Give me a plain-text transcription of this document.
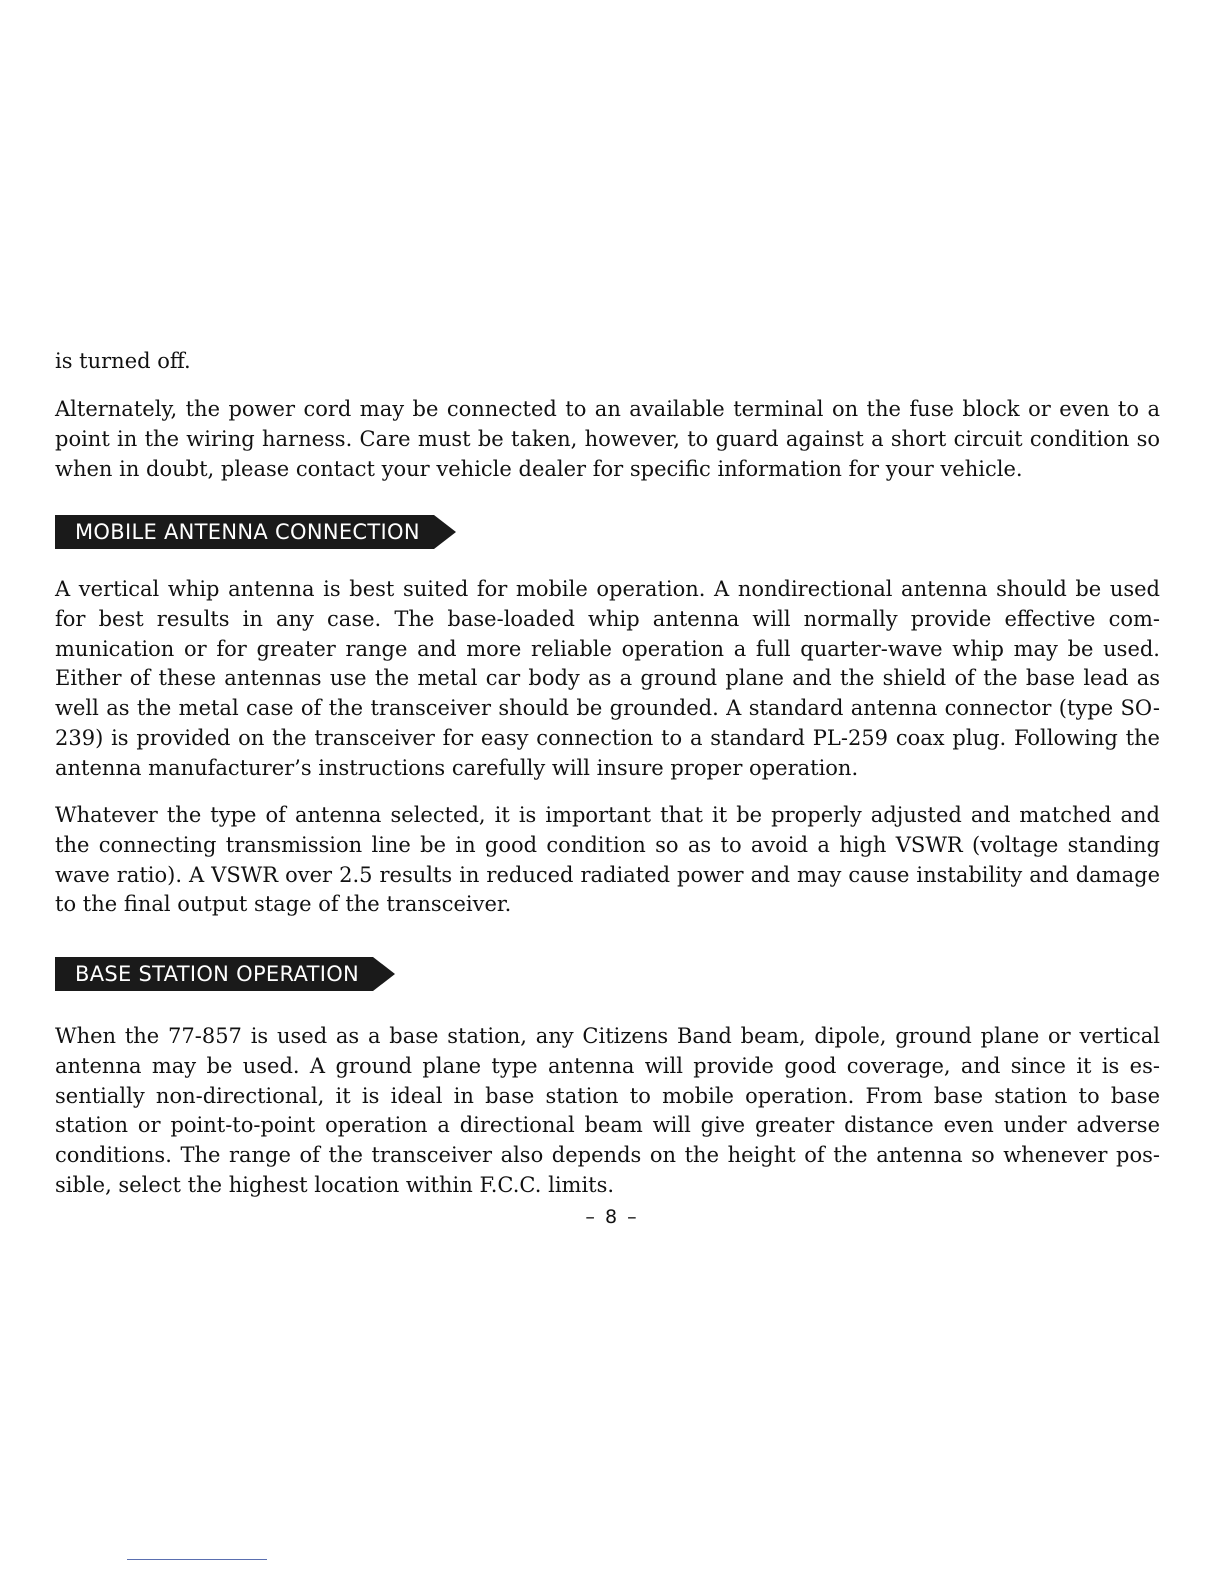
is turned off.

Alternately, the power cord may be connected to an available terminal on the fuse block or even to a point in the wiring harness. Care must be taken, however, to guard against a short circuit condition so when in doubt, please contact your vehicle dealer for specific information for your vehicle.

MOBILE ANTENNA CONNECTION

A vertical whip antenna is best suited for mobile operation. A nondirectional antenna should be used for best results in any case. The base-loaded whip antenna will normally provide effective communication or for greater range and more reliable operation a full quarter-wave whip may be used. Either of these antennas use the metal car body as a ground plane and the shield of the base lead as well as the metal case of the transceiver should be grounded. A standard antenna connector (type SO-239) is provided on the transceiver for easy connection to a standard PL-259 coax plug. Following the antenna manufacturer’s instructions carefully will insure proper operation.

Whatever the type of antenna selected, it is important that it be properly adjusted and matched and the connecting transmission line be in good condition so as to avoid a high VSWR (voltage standing wave ratio). A VSWR over 2.5 results in reduced radiated power and may cause instability and damage to the final output stage of the transceiver.

BASE STATION OPERATION

When the 77-857 is used as a base station, any Citizens Band beam, dipole, ground plane or vertical antenna may be used. A ground plane type antenna will provide good coverage, and since it is essentially non-directional, it is ideal in base station to mobile operation. From base station to base station or point-to-point operation a directional beam will give greater distance even under adverse conditions. The range of the transceiver also depends on the height of the antenna so whenever possible, select the highest location within F.C.C. limits.

– 8 –
